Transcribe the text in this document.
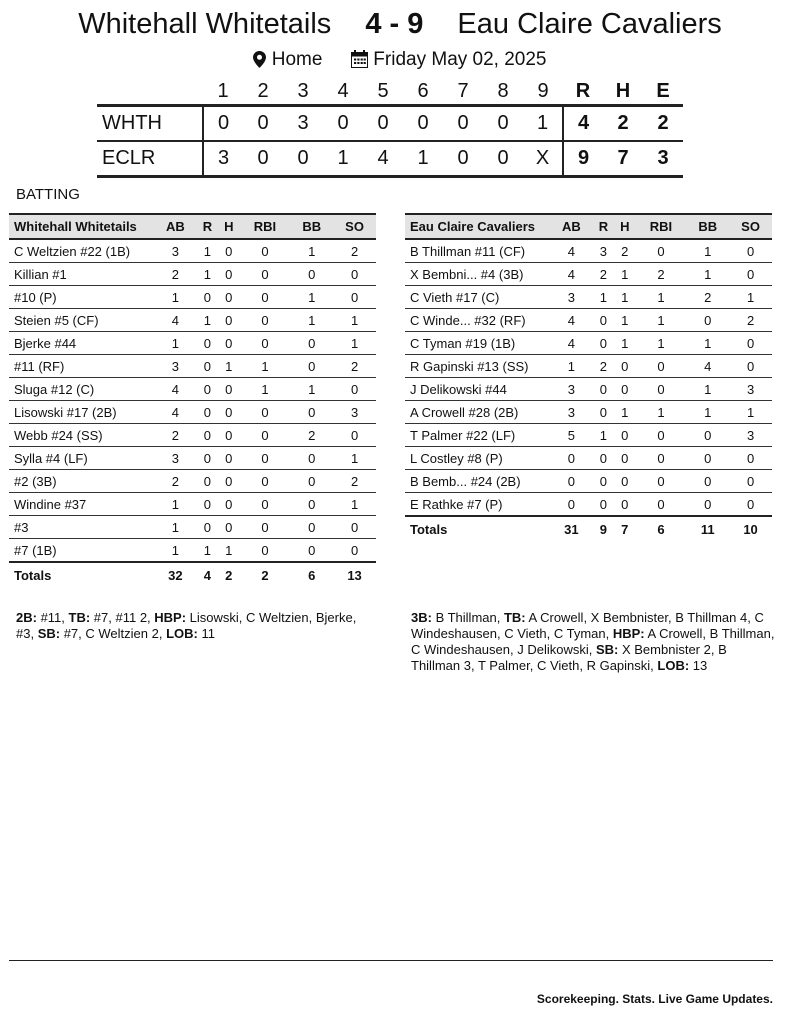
Whitehall Whitetails 4 - 9 Eau Claire Cavaliers
Home	Friday May 02, 2025
	1	2	3	4	5	6	7	8	9	R	H	E
WHTH	0	0	3	0	0	0	0	0	1	4	2	2
ECLR	3	0	0	1	4	1	0	0	X	9	7	3
BATTING
Whitehall Whitetails	AB	R	H	RBI	BB	SO
C Weltzien #22 (1B)	3	1	0	0	1	2
Killian #1	2	1	0	0	0	0
#10 (P)	1	0	0	0	1	0
Steien #5 (CF)	4	1	0	0	1	1
Bjerke #44	1	0	0	0	0	1
#11 (RF)	3	0	1	1	0	2
Sluga #12 (C)	4	0	0	1	1	0
Lisowski #17 (2B)	4	0	0	0	0	3
Webb #24 (SS)	2	0	0	0	2	0
Sylla #4 (LF)	3	0	0	0	0	1
#2 (3B)	2	0	0	0	0	2
Windine #37	1	0	0	0	0	1
#3	1	0	0	0	0	0
#7 (1B)	1	1	1	0	0	0
Totals	32	4	2	2	6	13
Eau Claire Cavaliers	AB	R	H	RBI	BB	SO
B Thillman #11 (CF)	4	3	2	0	1	0
X Bembni... #4 (3B)	4	2	1	2	1	0
C Vieth #17 (C)	3	1	1	1	2	1
C Winde... #32 (RF)	4	0	1	1	0	2
C Tyman #19 (1B)	4	0	1	1	1	0
R Gapinski #13 (SS)	1	2	0	0	4	0
J Delikowski #44	3	0	0	0	1	3
A Crowell #28 (2B)	3	0	1	1	1	1
T Palmer #22 (LF)	5	1	0	0	0	3
L Costley #8 (P)	0	0	0	0	0	0
B Bemb... #24 (2B)	0	0	0	0	0	0
E Rathke #7 (P)	0	0	0	0	0	0
Totals	31	9	7	6	11	10
2B: #11, TB: #7, #11 2, HBP: Lisowski, C Weltzien, Bjerke, #3, SB: #7, C Weltzien 2, LOB: 11
3B: B Thillman, TB: A Crowell, X Bembnister, B Thillman 4, C Windeshausen, C Vieth, C Tyman, HBP: A Crowell, B Thillman, C Windeshausen, J Delikowski, SB: X Bembnister 2, B Thillman 3, T Palmer, C Vieth, R Gapinski, LOB: 13
Scorekeeping. Stats. Live Game Updates.
